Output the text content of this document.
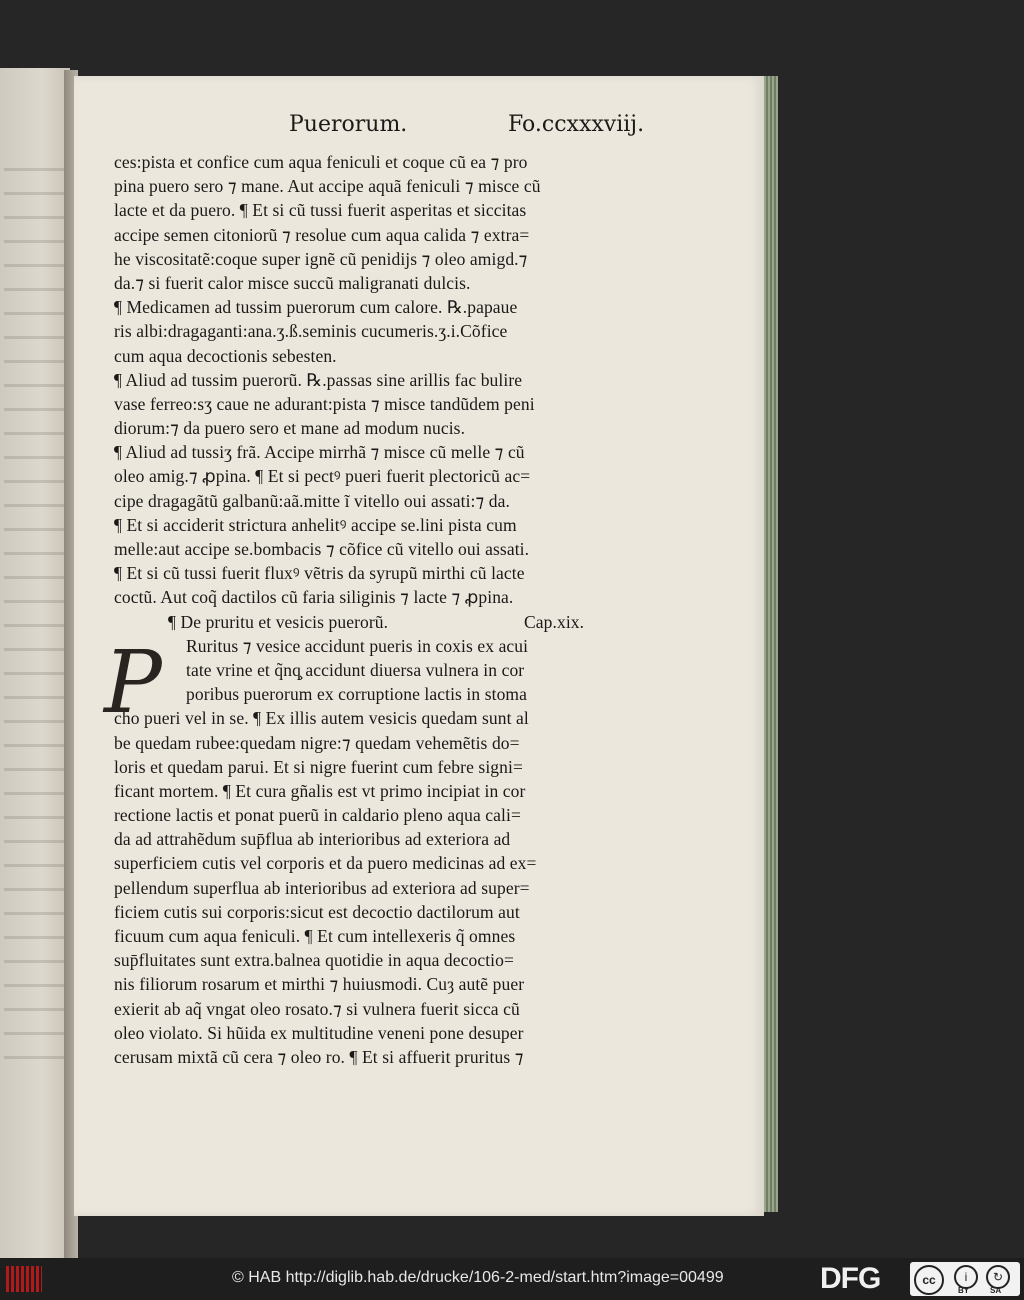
Puerorum.	Fo.ccxxxviij.
ces:pista et confice cum aqua feniculi et coque cũ ea ⁊ pro
pina puero sero ⁊ mane. Aut accipe aquã feniculi ⁊ misce cũ
lacte et da puero. ¶ Et si cũ tussi fuerit asperitas et siccitas
accipe semen citoniorũ ⁊ resolue cum aqua calida ⁊ extra=
he viscositatẽ:coque super ignẽ cũ penidijs ⁊ oleo amigd.⁊
da.⁊ si fuerit calor misce succũ maligranati dulcis.
¶ Medicamen ad tussim puerorum cum calore. ℞.papaue
ris albi:dragaganti:ana.ʒ.ß.seminis cucumeris.ʒ.i.Cõfice
cum aqua decoctionis sebesten.
¶ Aliud ad tussim puerorũ. ℞.passas sine arillis fac bulire
vase ferreo:sʒ caue ne adurant:pista ⁊ misce tandũdem peni
diorum:⁊ da puero sero et mane ad modum nucis.
¶ Aliud ad tussiʒ frã. Accipe mirrhã ⁊ misce cũ melle ⁊ cũ
oleo amig.⁊ ꝓpina. ¶ Et si pectꝰ pueri fuerit plectoricũ ac=
cipe dragagãtũ galbanũ:aã.mitte ĩ vitello oui assati:⁊ da.
¶ Et si acciderit strictura anhelitꝰ accipe se.lini pista cum
melle:aut accipe se.bombacis ⁊ cõfice cũ vitello oui assati.
¶ Et si cũ tussi fuerit fluxꝰ vẽtris da syrupũ mirthi cũ lacte
coctũ. Aut coq̃ dactilos cũ faria siliginis ⁊ lacte ⁊ ꝓpina.
¶ De pruritu et vesicis puerorũ.	Cap.xix.
P	Ruritus ⁊ vesice accidunt pueris in coxis ex acui
tate vrine et q̃nq̧ accidunt diuersa vulnera in cor
poribus puerorum ex corruptione lactis in stoma
cho pueri vel in se. ¶ Ex illis autem vesicis quedam sunt al
be quedam rubee:quedam nigre:⁊ quedam vehemẽtis do=
loris et quedam parui. Et si nigre fuerint cum febre signi=
ficant mortem. ¶ Et cura gñalis est vt primo incipiat in cor
rectione lactis et ponat puerũ in caldario pleno aqua cali=
da ad attrahẽdum sup̄flua ab interioribus ad exteriora ad
superficiem cutis vel corporis et da puero medicinas ad ex=
pellendum superflua ab interioribus ad exteriora ad super=
ficiem cutis sui corporis:sicut est decoctio dactilorum aut
ficuum cum aqua feniculi. ¶ Et cum intellexeris q̃ omnes
sup̄fluitates sunt extra.balnea quotidie in aqua decoctio=
nis filiorum rosarum et mirthi ⁊ huiusmodi. Cuȝ autẽ puer
exierit ab aq̃ vngat oleo rosato.⁊ si vulnera fuerit sicca cũ
oleo violato. Si hũida ex multitudine veneni pone desuper
cerusam mixtã cũ cera ⁊ oleo ro. ¶ Et si affuerit pruritus ⁊
© HAB http://diglib.hab.de/drucke/106-2-med/start.htm?image=00499	DFG	cc	i	↻
BY	SA
